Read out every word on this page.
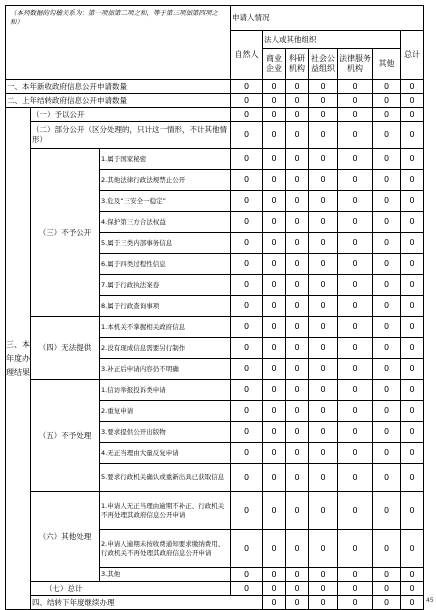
（本列数据的勾稽关系为：第一项加第二项之和，等于第三项加第四项之和）			申请人情况							
			自然人	法人或其他组织					总计	
				商业企业	科研机构	社会公益组织	法律服务机构	其他		
一、本年新收政府信息公开申请数量			0	0	0	0	0	0	0	
二、上年结转政府信息公开申请数量			0	0	0	0	0	0	0	
三、本年度办理结果	（一）予以公开		0	0	0	0	0	0	0	
	（二）部分公开（区分处理的，只计这一情形，不计其他情形）		0	0	0	0	0	0	0	
	（三）不予公开	1.属于国家秘密	0	0	0	0	0	0	0	
		2.其他法律行政法规禁止公开	0	0	0	0	0	0	0	
		3.危及“三安全一稳定”	0	0	0	0	0	0	0	
		4.保护第三方合法权益	0	0	0	0	0	0	0	
		5.属于三类内部事务信息	0	0	0	0	0	0	0	
		6.属于四类过程性信息	0	0	0	0	0	0	0	
		7.属于行政执法案卷	0	0	0	0	0	0	0	
		8.属于行政查询事项	0	0	0	0	0	0	0	
	（四）无法提供	1.本机关不掌握相关政府信息	0	0	0	0	0	0	0	
		2.没有现成信息需要另行制作	0	0	0	0	0	0	0	
		3.补正后申请内容仍不明确	0	0	0	0	0	0	0	
	（五）不予处理	1.信访举报投诉类申请	0	0	0	0	0	0	0	
		2.重复申请	0	0	0	0	0	0	0	
		3.要求提供公开出版物	0	0	0	0	0	0	0	
		4.无正当理由大量反复申请	0	0	0	0	0	0	0	
		5.要求行政机关确认或重新出具已获取信息	0	0	0	0	0	0	0	
	（六）其他处理	1.申请人无正当理由逾期不补正、行政机关不再处理其政府信息公开申请	0	0	0	0	0	0	0	
		2.申请人逾期未按收费通知要求缴纳费用、行政机关不再处理其政府信息公开申请	0	0	0	0	0	0	0	
		3.其他	0	0	0	0	0	0	0	
	（七）总计		0	0	0	0	0	0	0	
	四、结转下年度继续办理			0	0	0	0	0	0	45
